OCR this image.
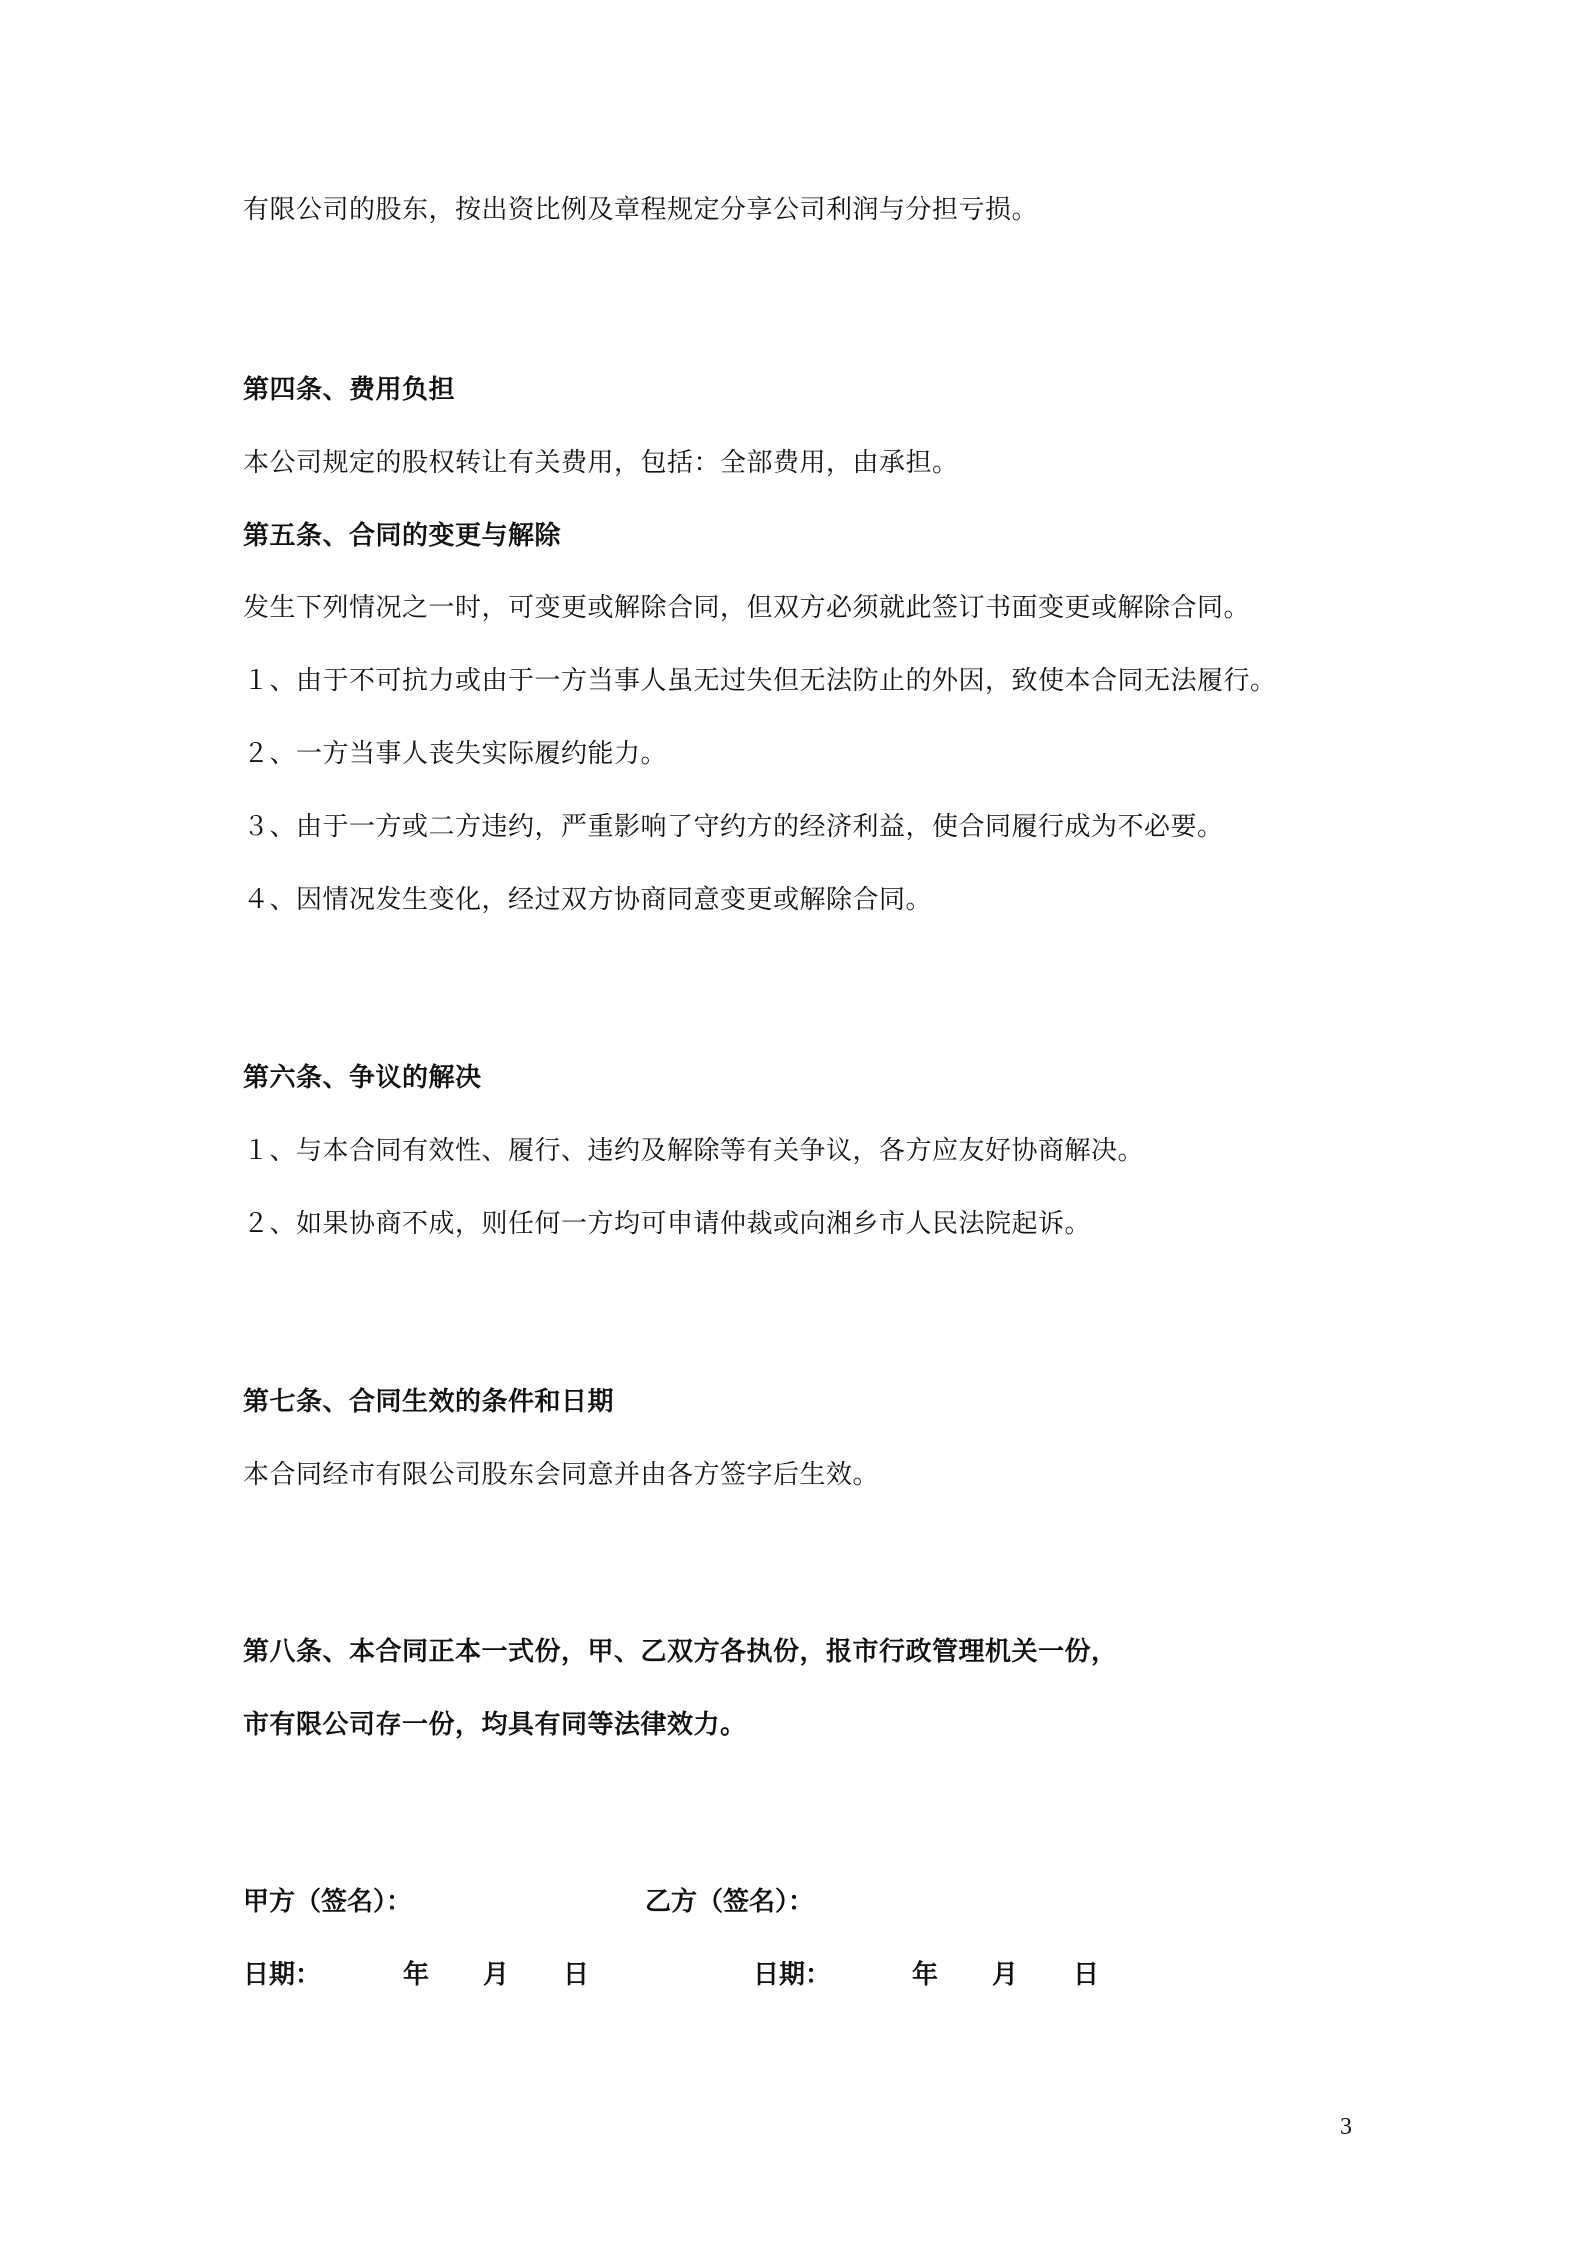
有限公司的股东，按出资比例及章程规定分享公司利润与分担亏损。
第四条、费用负担
本公司规定的股权转让有关费用，包括：全部费用，由承担。
第五条、合同的变更与解除
发生下列情况之一时，可变更或解除合同，但双方必须就此签订书面变更或解除合同。
１、由于不可抗力或由于一方当事人虽无过失但无法防止的外因，致使本合同无法履行。
２、一方当事人丧失实际履约能力。
３、由于一方或二方违约，严重影响了守约方的经济利益，使合同履行成为不必要。
４、因情况发生变化，经过双方协商同意变更或解除合同。
第六条、争议的解决
１、与本合同有效性、履行、违约及解除等有关争议，各方应友好协商解决。
２、如果协商不成，则任何一方均可申请仲裁或向湘乡市人民法院起诉。
第七条、合同生效的条件和日期
本合同经市有限公司股东会同意并由各方签字后生效。
第八条、本合同正本一式份，甲、乙双方各执份，报市行政管理机关一份，
市有限公司存一份，均具有同等法律效力。
甲方（签名）：	乙方（签名）：
日期：	年 月 日	日期：	年 月 日
3
